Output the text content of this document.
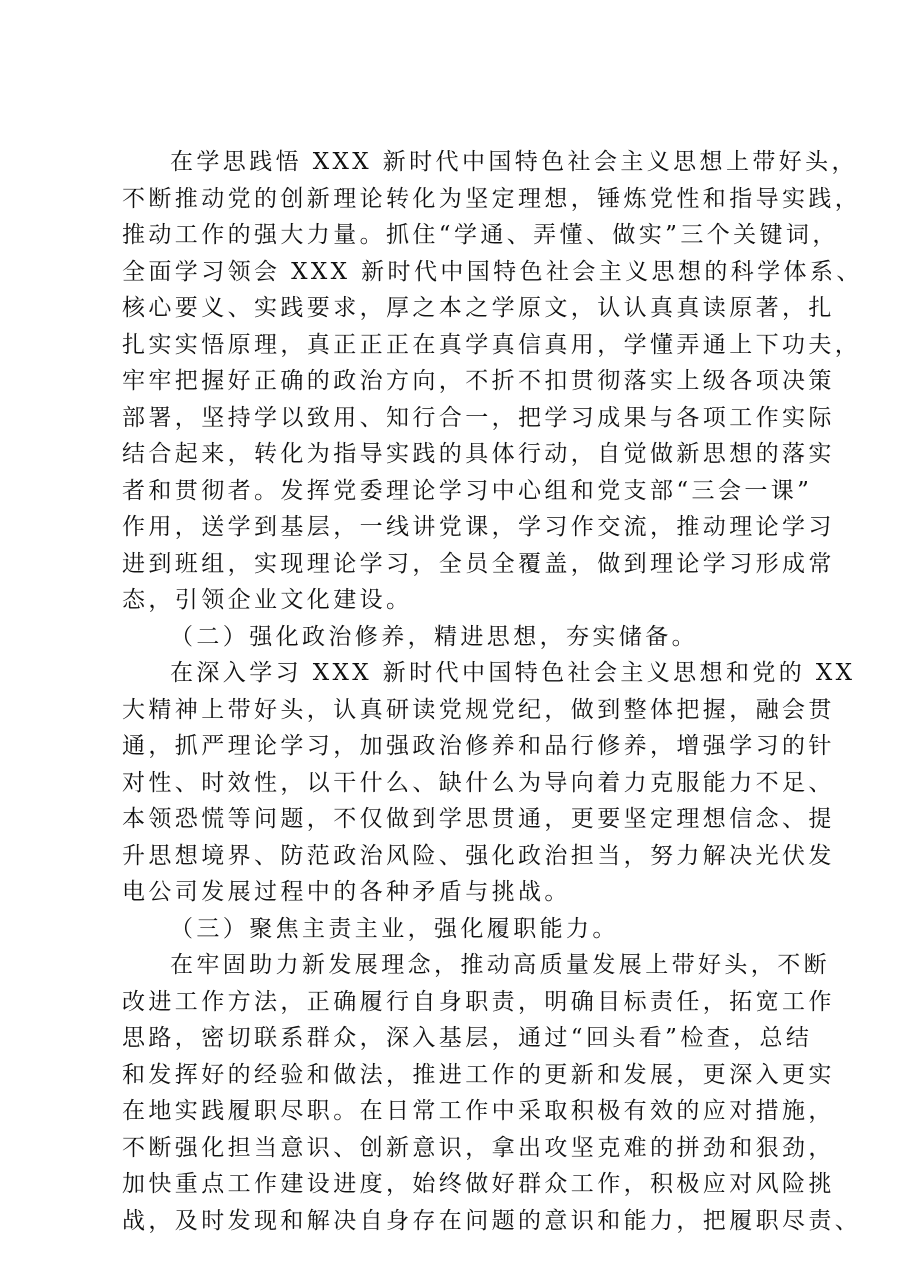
在学思践悟 XXX 新时代中国特色社会主义思想上带好头，
不断推动党的创新理论转化为坚定理想，锤炼党性和指导实践，
推动工作的强大力量。抓住“学通、弄懂、做实”三个关键词，
全面学习领会 XXX 新时代中国特色社会主义思想的科学体系、
核心要义、实践要求，厚之本之学原文，认认真真读原著，扎
扎实实悟原理，真正正正在真学真信真用，学懂弄通上下功夫，
牢牢把握好正确的政治方向，不折不扣贯彻落实上级各项决策
部署，坚持学以致用、知行合一，把学习成果与各项工作实际
结合起来，转化为指导实践的具体行动，自觉做新思想的落实
者和贯彻者。发挥党委理论学习中心组和党支部“三会一课”
作用，送学到基层，一线讲党课，学习作交流，推动理论学习
进到班组，实现理论学习，全员全覆盖，做到理论学习形成常
态，引领企业文化建设。
（二）强化政治修养，精进思想，夯实储备。
在深入学习 XXX 新时代中国特色社会主义思想和党的 XX
大精神上带好头，认真研读党规党纪，做到整体把握，融会贯
通，抓严理论学习，加强政治修养和品行修养，增强学习的针
对性、时效性，以干什么、缺什么为导向着力克服能力不足、
本领恐慌等问题，不仅做到学思贯通，更要坚定理想信念、提
升思想境界、防范政治风险、强化政治担当，努力解决光伏发
电公司发展过程中的各种矛盾与挑战。
（三）聚焦主责主业，强化履职能力。
在牢固助力新发展理念，推动高质量发展上带好头，不断
改进工作方法，正确履行自身职责，明确目标责任，拓宽工作
思路，密切联系群众，深入基层，通过“回头看”检查，总结
和发挥好的经验和做法，推进工作的更新和发展，更深入更实
在地实践履职尽职。在日常工作中采取积极有效的应对措施，
不断强化担当意识、创新意识，拿出攻坚克难的拼劲和狠劲，
加快重点工作建设进度，始终做好群众工作，积极应对风险挑
战，及时发现和解决自身存在问题的意识和能力，把履职尽责、
